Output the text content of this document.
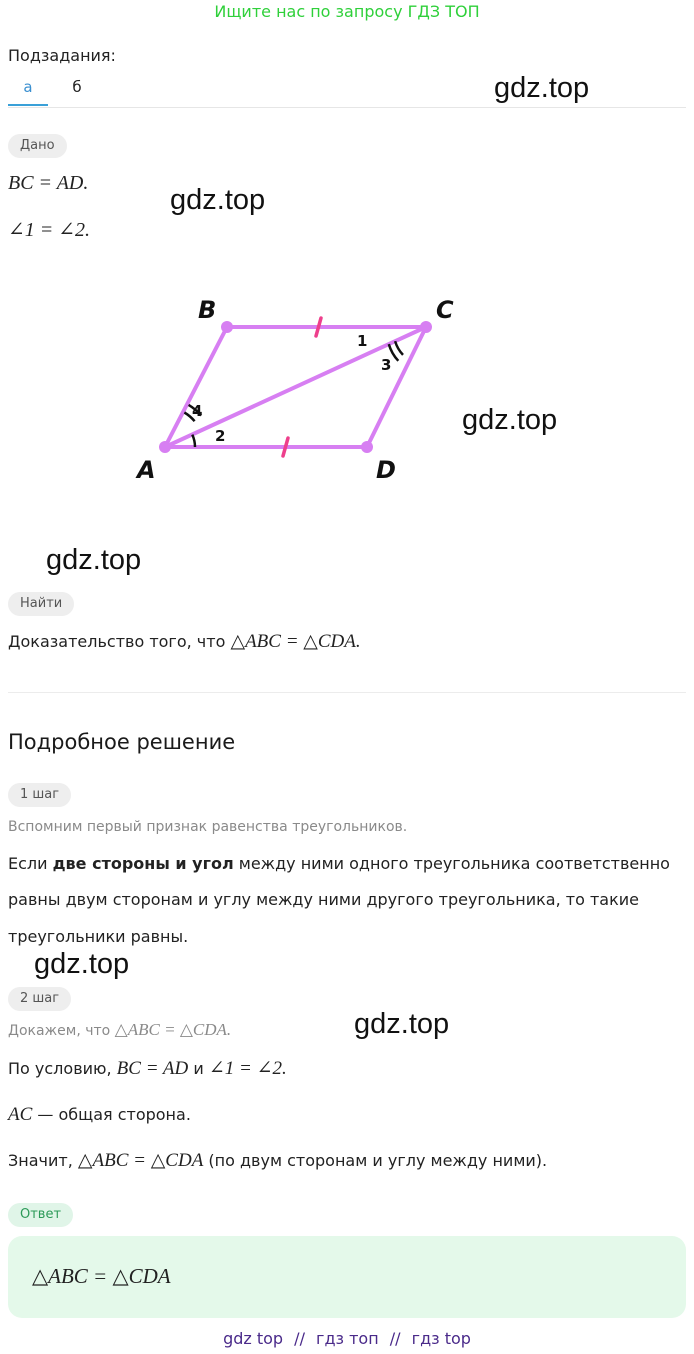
Ищите нас по запросу ГДЗ ТОП
Подзадания:
а	б	gdz.top
gdz.top
gdz.top
gdz.top
gdz.top
gdz.top
Дано
BC = AD.
∠1 = ∠2.
B	C
A	D
1
2
3
4
Найти
Доказательство того, что △ABC = △CDA.
Подробное решение
1 шаг
Вспомним первый признак равенства треугольников.
Если две стороны и угол между ними одного треугольника соответственно
равны двум сторонам и углу между ними другого треугольника, то такие
треугольники равны.
2 шаг
Докажем, что △ABC = △CDA.
По условию, BC = AD и ∠1 = ∠2.
AC — общая сторона.
Значит, △ABC = △CDA (по двум сторонам и углу между ними).
Ответ
△ABC = △CDA
gdz top // гдз топ // гдз top
